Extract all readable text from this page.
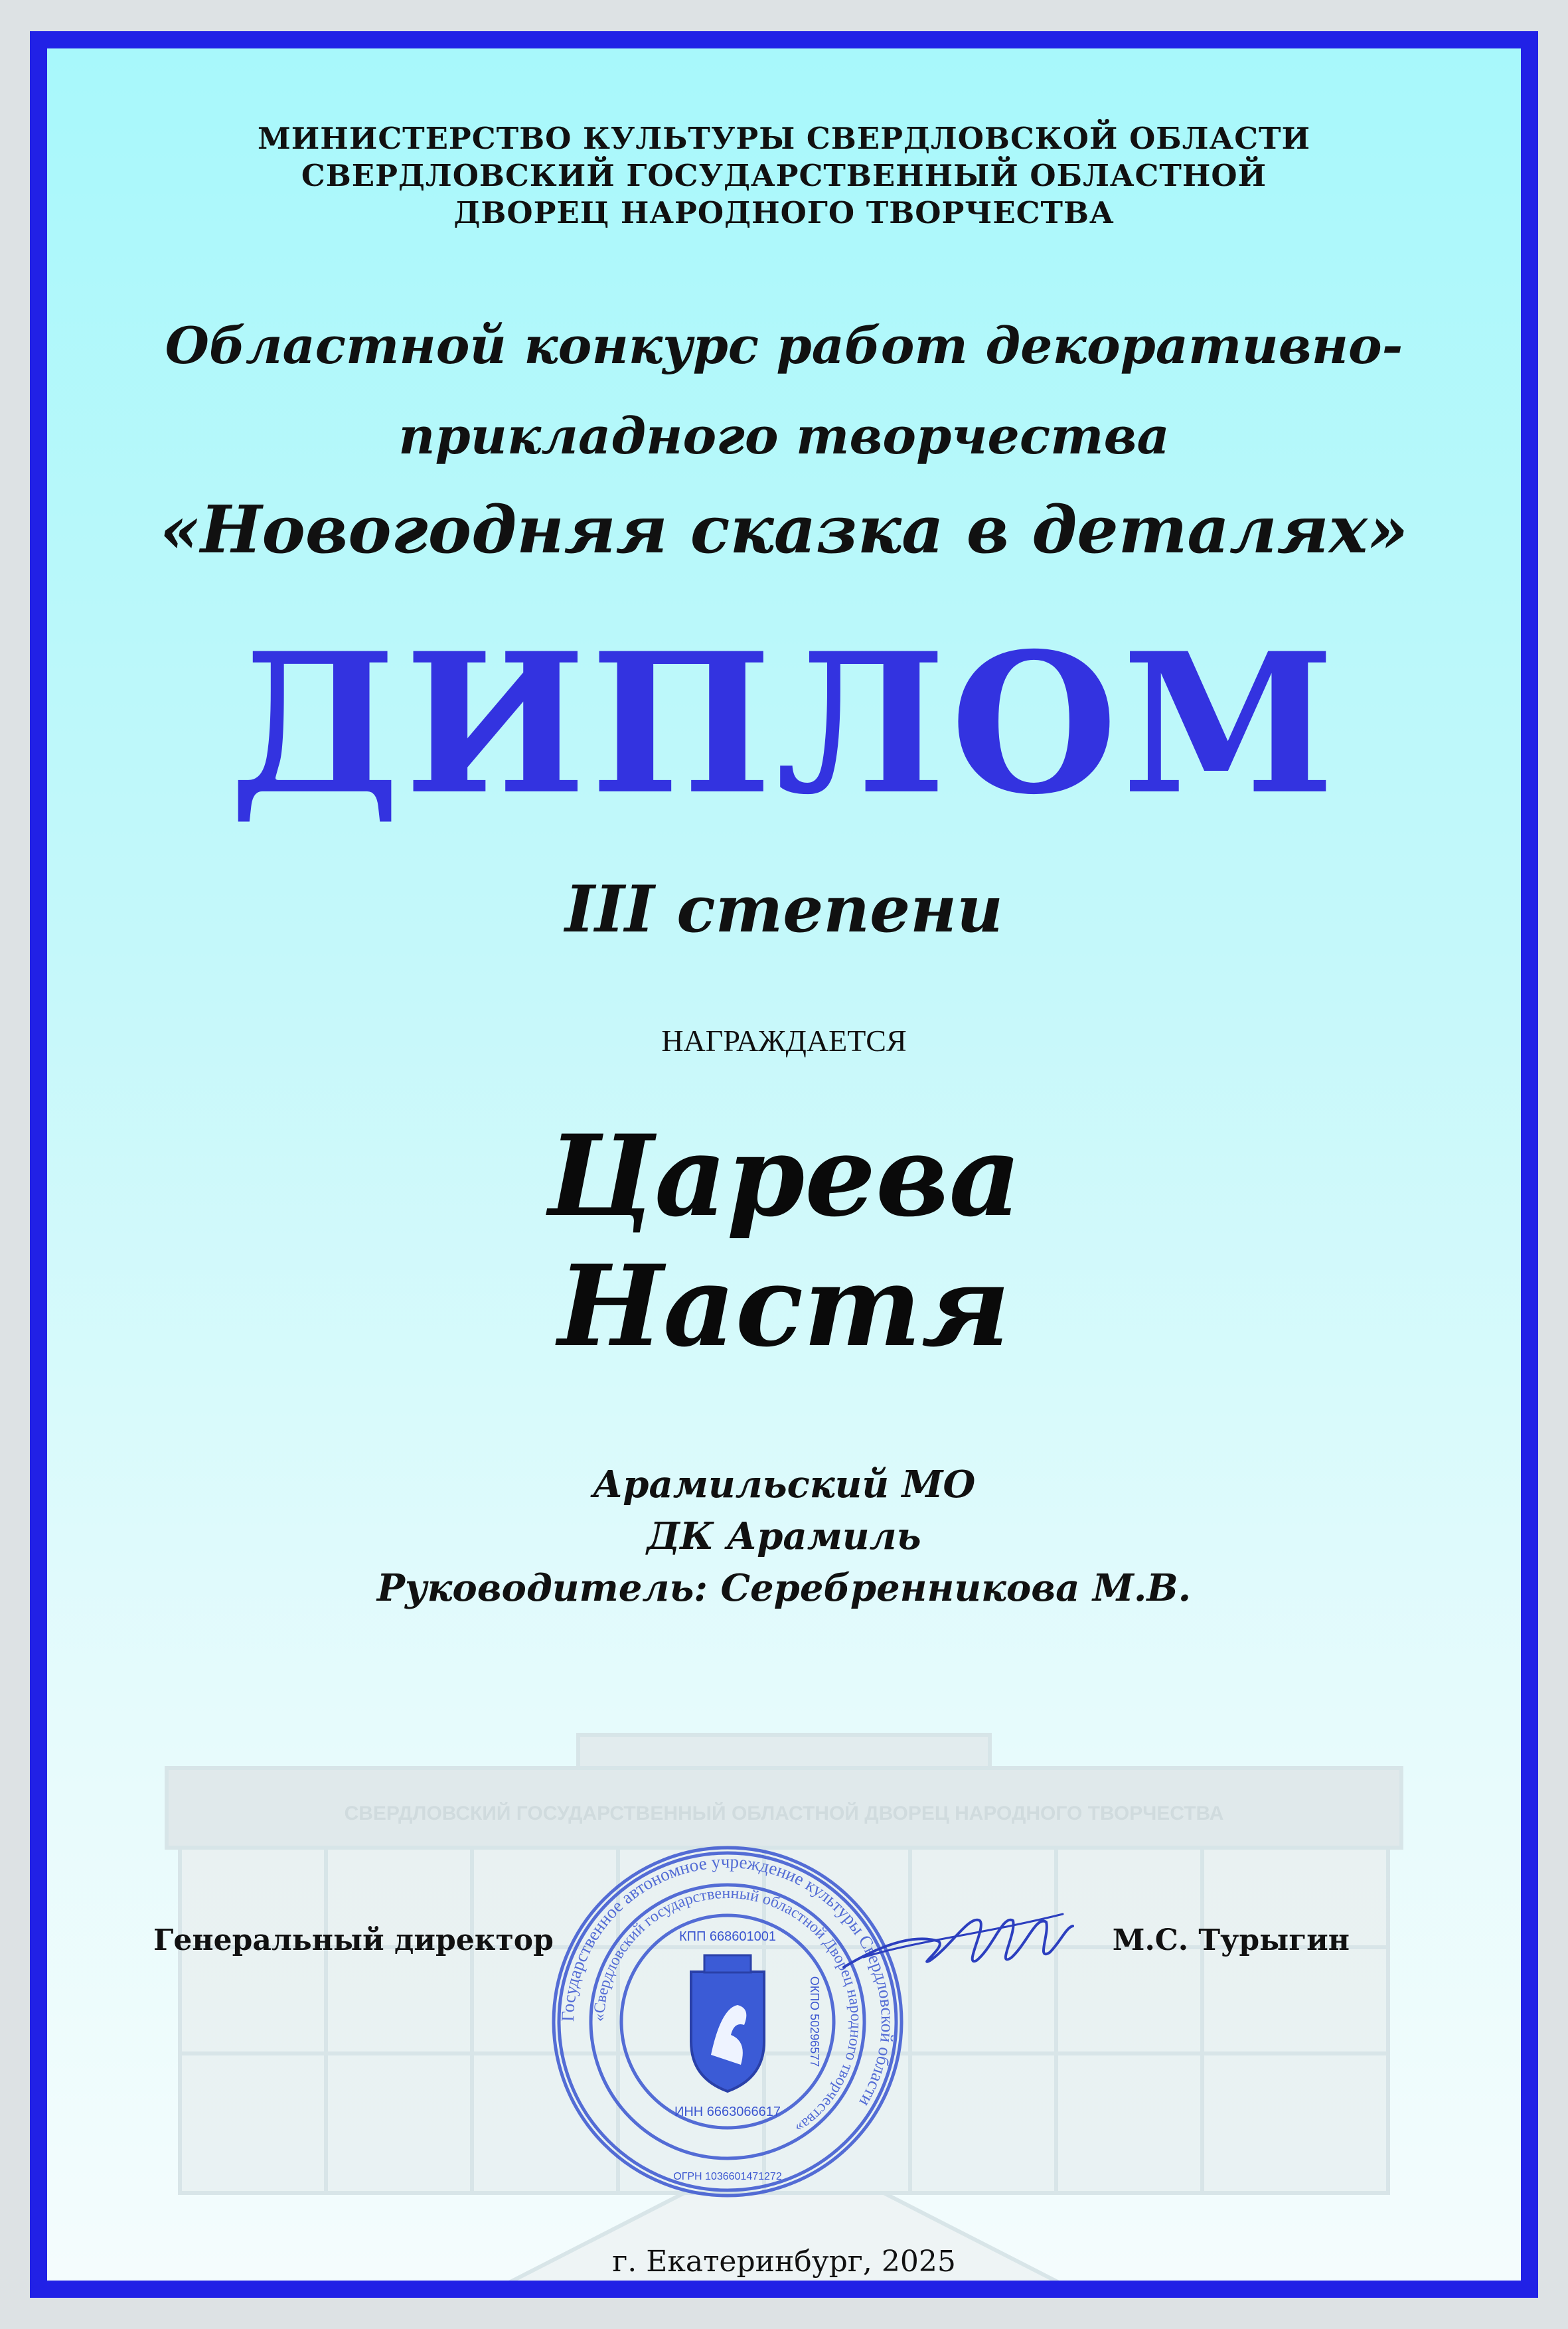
СВЕРДЛОВСКИЙ ГОСУДАРСТВЕННЫЙ ОБЛАСТНОЙ ДВОРЕЦ НАРОДНОГО ТВОРЧЕСТВА
МИНИСТЕРСТВО КУЛЬТУРЫ СВЕРДЛОВСКОЙ ОБЛАСТИ
СВЕРДЛОВСКИЙ ГОСУДАРСТВЕННЫЙ ОБЛАСТНОЙ
ДВОРЕЦ НАРОДНОГО ТВОРЧЕСТВА
Областной конкурс работ декоративно-
прикладного творчества
«Новогодняя сказка в деталях»
ДИПЛОМ
III степени
НАГРАЖДАЕТСЯ
Царева
Настя
Арамильский МО
ДК Арамиль
Руководитель: Серебренникова М.В.
Государственное автономное учреждение культуры Свердловской области
«Свердловский государственный областной Дворец народного творчества»
КПП 668601001
ИНН 6663066617
ОКПО 50296577
ОГРН 1036601471272
Генеральный директор	М.С. Турыгин
г. Екатеринбург, 2025
